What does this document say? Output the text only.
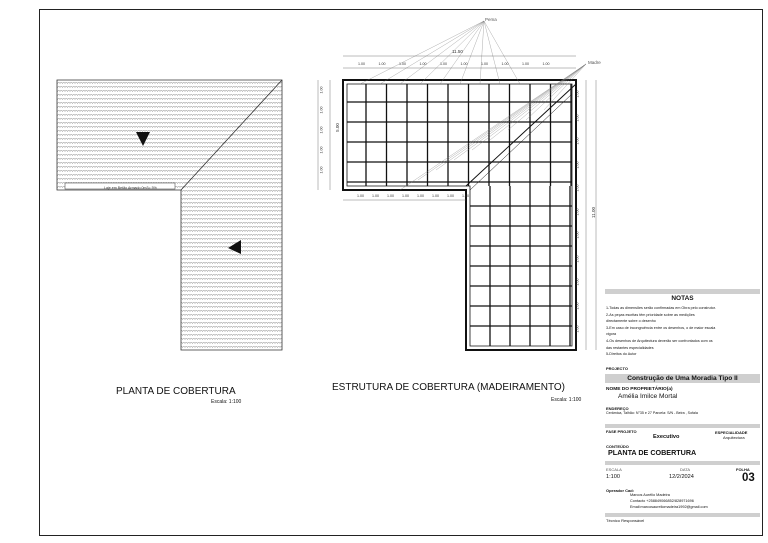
Pema
Madre
11.50
5.00
11.00
1.00	1.00	1.00	1.00	1.00	1.00	1.00	1.00	1.00	1.00
1.00 1.00 1.00 1.00 1.00 1.00 1.00 1.00
1.00
1.00
1.00
1.00
1.00
1.00
1.00
1.00
1.00
1.00
1.00
1.00
1.00
1.00
1.00
1.00
Laje em Betão Armado 0m3= 5%
PLANTA DE COBERTURA
Escala: 1:100
ESTRUTURA DE COBERTURA (MADEIRAMENTO)
Escala: 1:100
NOTAS
1-Todas as dimensões serão confirmadas em Obra pelo construtor.
2-As peças escritas têm prioridade sobre as medições
directamente sobre o desenho
3-Em caso de incongruência entre os desenhos, o de maior escala
vigora
4-Os desenhos de Arquitectura deverão ser confrontados com os
das restantes especialidades
5-Direitos do Autor
PROJECTO
Construção de Uma Moradia Tipo II
NOME DO PROPRIETÁRIO(a)
Amélia Imilce Mortal
ENDEREÇO
Cerâmica, Talhão: N°35 e 27 Parcela: S/N - Beira , Sofala
FASE PROJETO	ESPECIALIDADE
Executivo	Arquitectura
CONTEÚDO
PLANTA DE COBERTURA
ESCALA	DATA	FOLHA
1:100	12/2/2024	03
Operador Cad:
Marcos Aurélio Madeira
Contacto +258849066852/828971696
Email:marcosaureliomadeira1992@gmail.com
Técnico Responsável
